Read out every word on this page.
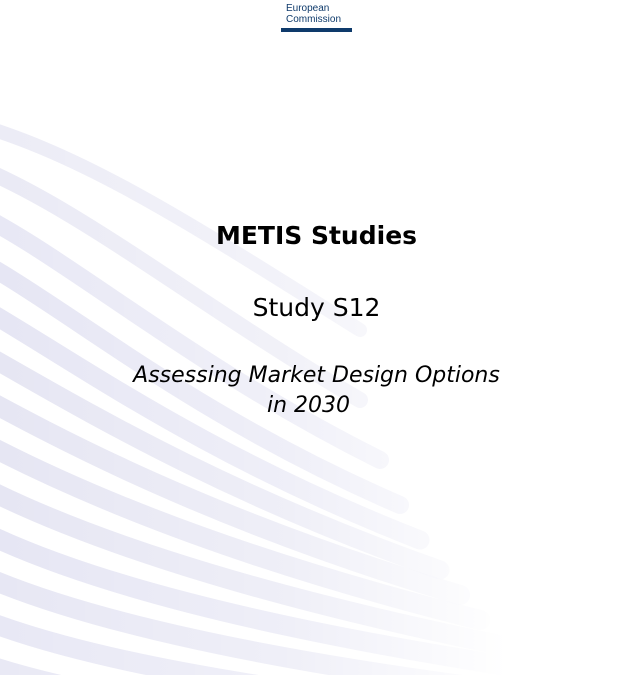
European
Commission
METIS Studies
Study S12
Assessing Market Design Options
in 2030
